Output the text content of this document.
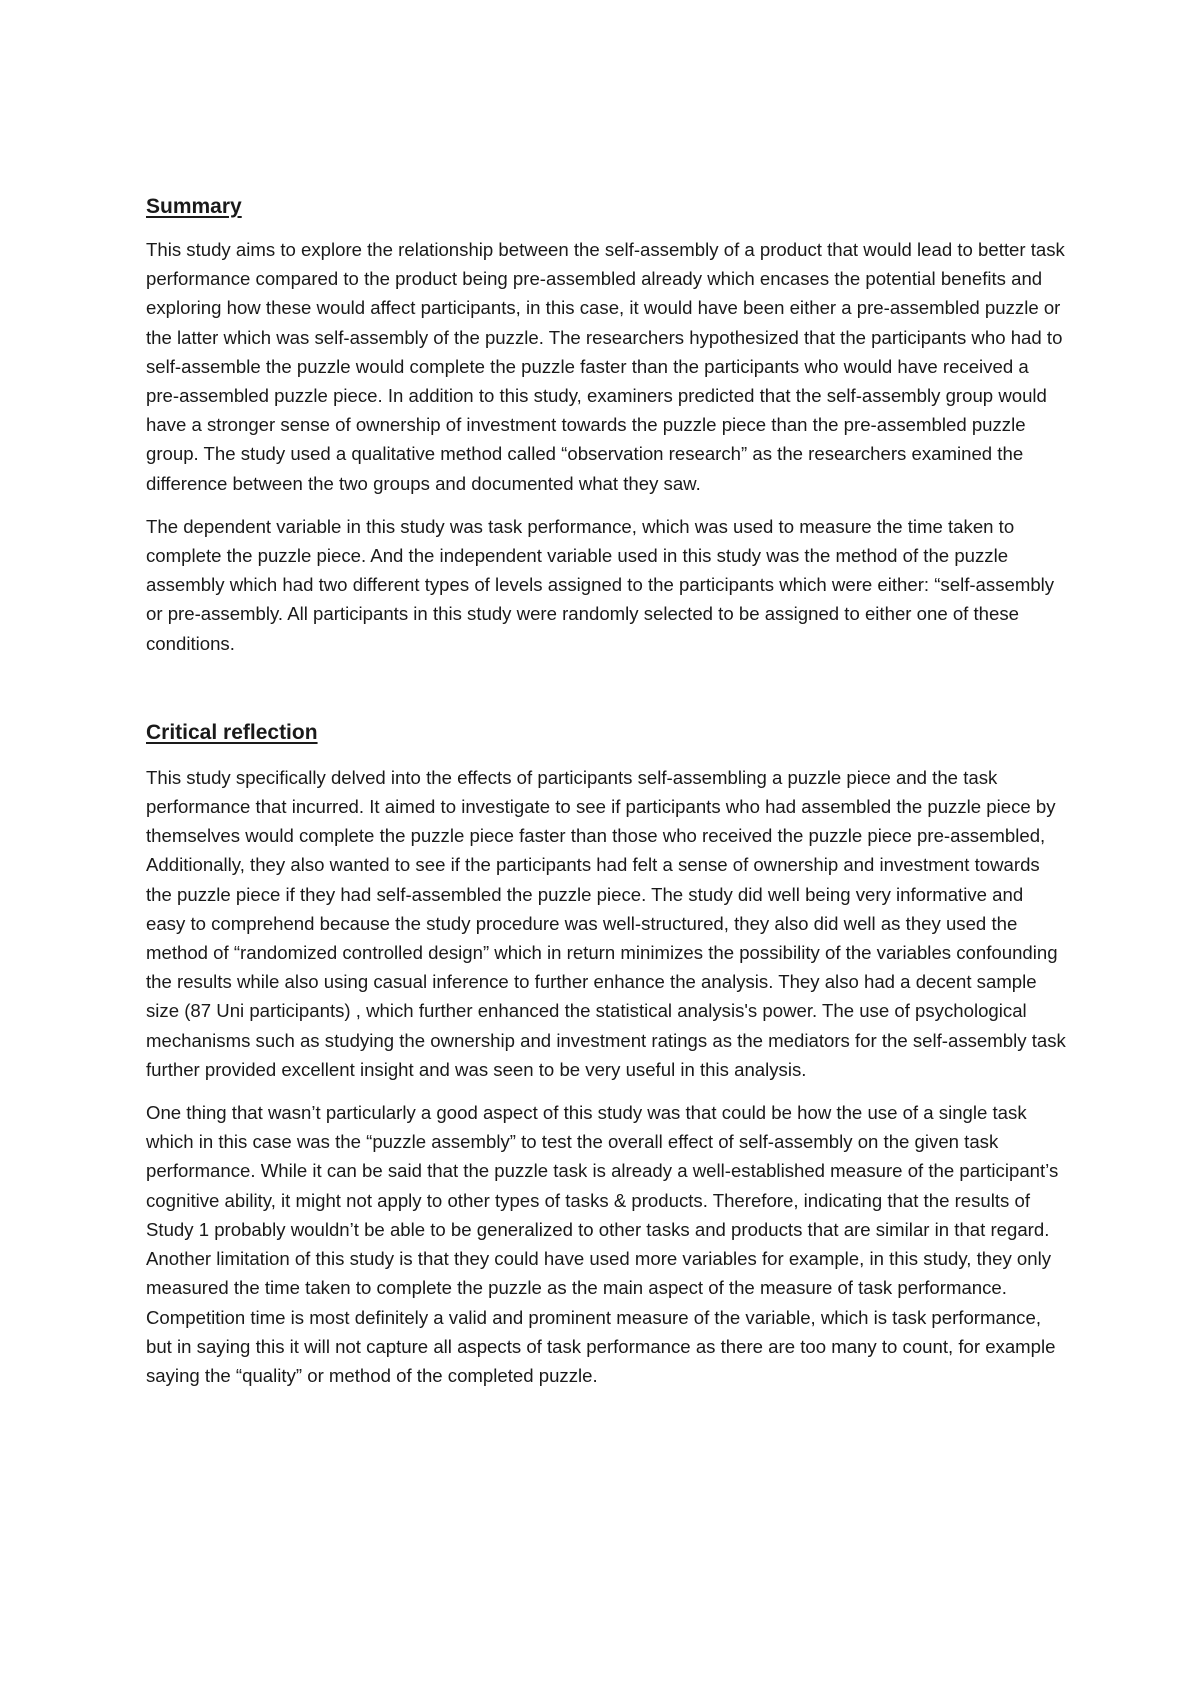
Summary

This study aims to explore the relationship between the self-assembly of a product that would lead to better task performance compared to the product being pre-assembled already which encases the potential benefits and exploring how these would affect participants, in this case, it would have been either a pre-assembled puzzle or the latter which was self-assembly of the puzzle. The researchers hypothesized that the participants who had to self-assemble the puzzle would complete the puzzle faster than the participants who would have received a pre-assembled puzzle piece. In addition to this study, examiners predicted that the self-assembly group would have a stronger sense of ownership of investment towards the puzzle piece than the pre-assembled puzzle group. The study used a qualitative method called “observation research” as the researchers examined the difference between the two groups and documented what they saw.

The dependent variable in this study was task performance, which was used to measure the time taken to complete the puzzle piece. And the independent variable used in this study was the method of the puzzle assembly which had two different types of levels assigned to the participants which were either: “self-assembly or pre-assembly. All participants in this study were randomly selected to be assigned to either one of these conditions.

Critical reflection

This study specifically delved into the effects of participants self-assembling a puzzle piece and the task performance that incurred. It aimed to investigate to see if participants who had assembled the puzzle piece by themselves would complete the puzzle piece faster than those who received the puzzle piece pre-assembled, Additionally, they also wanted to see if the participants had felt a sense of ownership and investment towards the puzzle piece if they had self-assembled the puzzle piece. The study did well being very informative and easy to comprehend because the study procedure was well-structured, they also did well as they used the method of “randomized controlled design” which in return minimizes the possibility of the variables confounding the results while also using casual inference to further enhance the analysis. They also had a decent sample size (87 Uni participants) , which further enhanced the statistical analysis's power. The use of psychological mechanisms such as studying the ownership and investment ratings as the mediators for the self-assembly task further provided excellent insight and was seen to be very useful in this analysis.

One thing that wasn’t particularly a good aspect of this study was that could be how the use of a single task which in this case was the “puzzle assembly” to test the overall effect of self-assembly on the given task performance. While it can be said that the puzzle task is already a well-established measure of the participant’s cognitive ability, it might not apply to other types of tasks & products. Therefore, indicating that the results of Study 1 probably wouldn’t be able to be generalized to other tasks and products that are similar in that regard. Another limitation of this study is that they could have used more variables for example, in this study, they only measured the time taken to complete the puzzle as the main aspect of the measure of task performance. Competition time is most definitely a valid and prominent measure of the variable, which is task performance, but in saying this it will not capture all aspects of task performance as there are too many to count, for example saying the “quality” or method of the completed puzzle.
